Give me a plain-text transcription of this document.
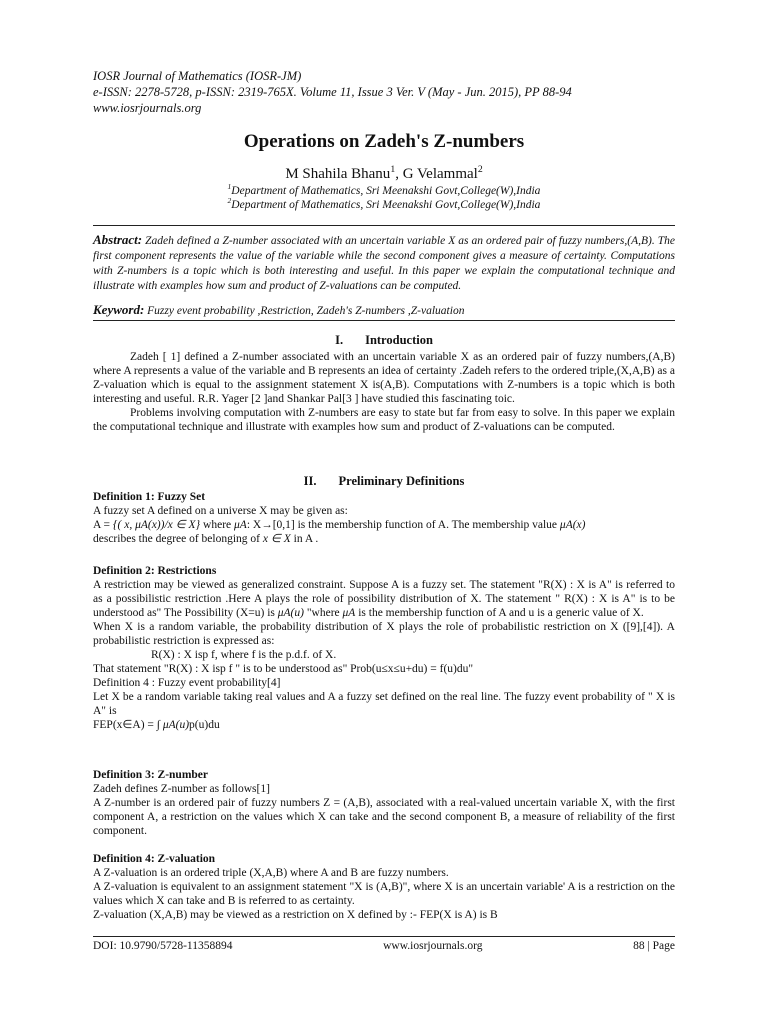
IOSR Journal of Mathematics (IOSR-JM)
e-ISSN: 2278-5728, p-ISSN: 2319-765X. Volume 11, Issue 3 Ver. V (May - Jun. 2015), PP 88-94
www.iosrjournals.org
Operations on Zadeh's Z-numbers
M Shahila Bhanu$^1$, G Velammal$^2$
$^1$Department of Mathematics, Sri Meenakshi Govt,College(W),India
$^2$Department of Mathematics, Sri Meenakshi Govt,College(W),India
Abstract: Zadeh defined a Z-number associated with an uncertain variable X as an ordered pair of fuzzy numbers,(A,B). The first component represents the value of the variable while the second component gives a measure of certainty. Computations with Z-numbers is a topic which is both interesting and useful. In this paper we explain the computational technique and illustrate with examples how sum and product of Z-valuations can be computed.
Keyword: Fuzzy event probability ,Restriction, Zadeh's Z-numbers ,Z-valuation
I. Introduction

Zadeh [ 1] defined a Z-number associated with an uncertain variable X as an ordered pair of fuzzy numbers,(A,B) where A represents a value of the variable and B represents an idea of certainty .Zadeh refers to the ordered triple,(X,A,B) as a Z-valuation which is equal to the assignment statement X is(A,B). Computations with Z-numbers is a topic which is both interesting and useful. R.R. Yager [2 ]and Shankar Pal[3 ] have studied this fascinating toic.

Problems involving computation with Z-numbers are easy to state but far from easy to solve. In this paper we explain the computational technique and illustrate with examples how sum and product of Z-valuations can be computed.

II. Preliminary Definitions

Definition 1: Fuzzy Set

A fuzzy set A defined on a universe X may be given as:

A = {( x, μA(x))/x ∈ X} where μA: X→[0,1] is the membership function of A. The membership value μA(x)

describes the degree of belonging of x ∈ X in A .

Definition 2: Restrictions

A restriction may be viewed as generalized constraint. Suppose A is a fuzzy set. The statement "R(X) : X is A" is referred to as a possibilistic restriction .Here A plays the role of possibility distribution of X. The statement " R(X) : X is A" is to be understood as" The Possibility (X=u) is μA(u) "where μA is the membership function of A and u is a generic value of X.

When X is a random variable, the probability distribution of X plays the role of probabilistic restriction on X ([9],[4]). A probabilistic restriction is expressed as:

R(X) : X isp f, where f is the p.d.f. of X.

That statement "R(X) : X isp f " is to be understood as" Prob(u≤x≤u+du) = f(u)du"

Definition 4 : Fuzzy event probability[4]

Let X be a random variable taking real values and A a fuzzy set defined on the real line. The fuzzy event probability of " X is A" is

FEP(x∈A) = ∫ μA(u)p(u)du

Definition 3: Z-number

Zadeh defines Z-number as follows[1]

A Z-number is an ordered pair of fuzzy numbers Z = (A,B), associated with a real-valued uncertain variable X, with the first component A, a restriction on the values which X can take and the second component B, a measure of reliability of the first component.

Definition 4: Z-valuation

A Z-valuation is an ordered triple (X,A,B) where A and B are fuzzy numbers.

A Z-valuation is equivalent to an assignment statement "X is (A,B)", where X is an uncertain variable' A is a restriction on the values which X can take and B is referred to as certainty.

Z-valuation (X,A,B) may be viewed as a restriction on X defined by :- FEP(X is A) is B

DOI: 10.9790/5728-11358894	www.iosrjournals.org	88 | Page
